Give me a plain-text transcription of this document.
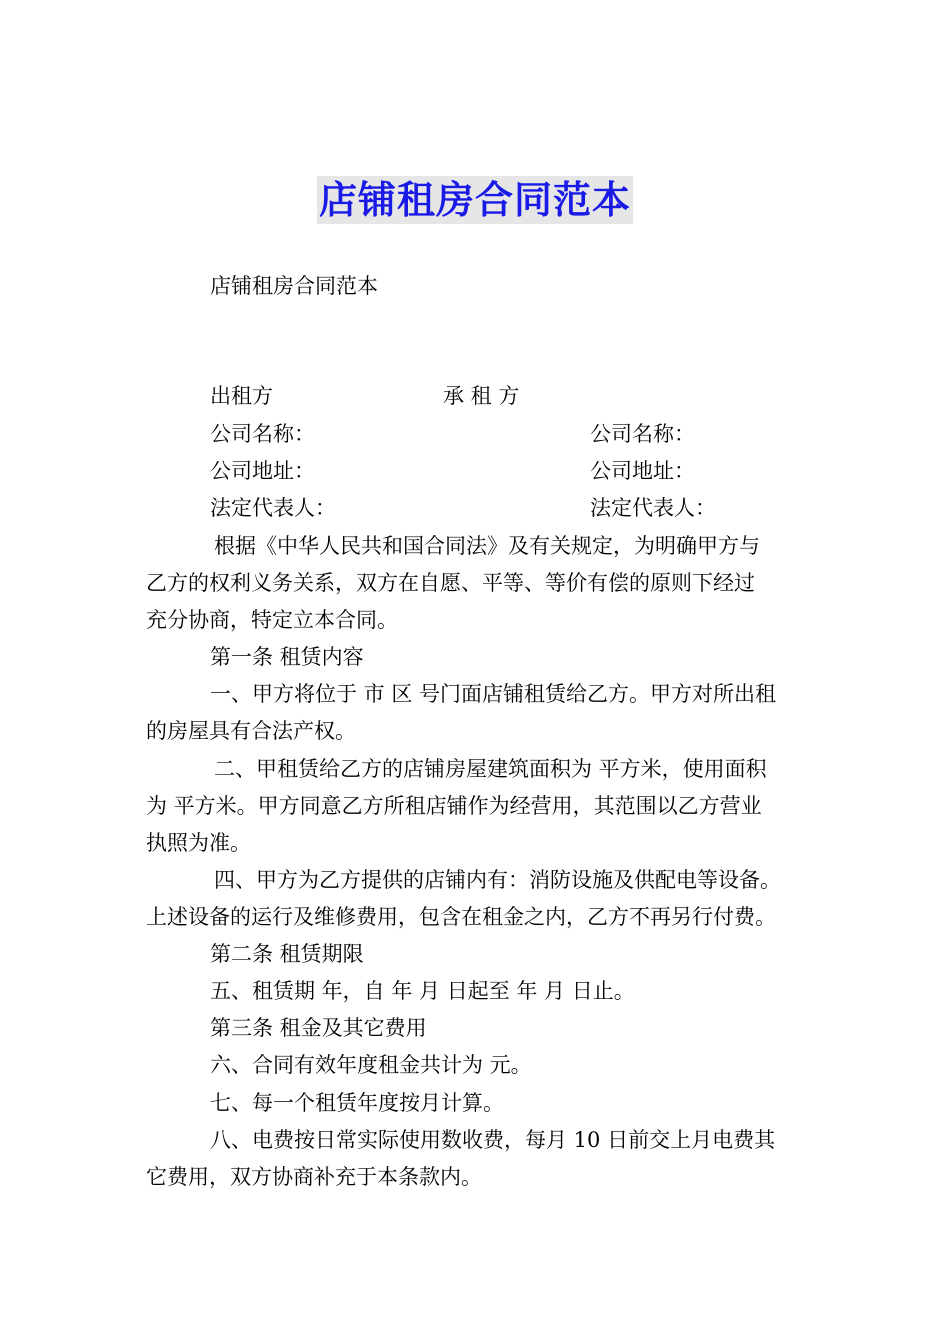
店铺租房合同范本
店铺租房合同范本
出租方	承 租 方
公司名称：	公司名称：
公司地址：	公司地址：
法定代表人：	法定代表人：
根据《中华人民共和国合同法》及有关规定，为明确甲方与
乙方的权利义务关系，双方在自愿、平等、等价有偿的原则下经过
充分协商，特定立本合同。
第一条 租赁内容
一、甲方将位于 市 区 号门面店铺租赁给乙方。甲方对所出租
的房屋具有合法产权。
二、甲租赁给乙方的店铺房屋建筑面积为 平方米，使用面积
为 平方米。甲方同意乙方所租店铺作为经营用，其范围以乙方营业
执照为准。
四、甲方为乙方提供的店铺内有：消防设施及供配电等设备。
上述设备的运行及维修费用，包含在租金之内，乙方不再另行付费。
第二条 租赁期限
五、租赁期 年，自 年 月 日起至 年 月 日止。
第三条 租金及其它费用
六、合同有效年度租金共计为 元。
七、每一个租赁年度按月计算。
八、电费按日常实际使用数收费，每月 10 日前交上月电费其
它费用，双方协商补充于本条款内。
